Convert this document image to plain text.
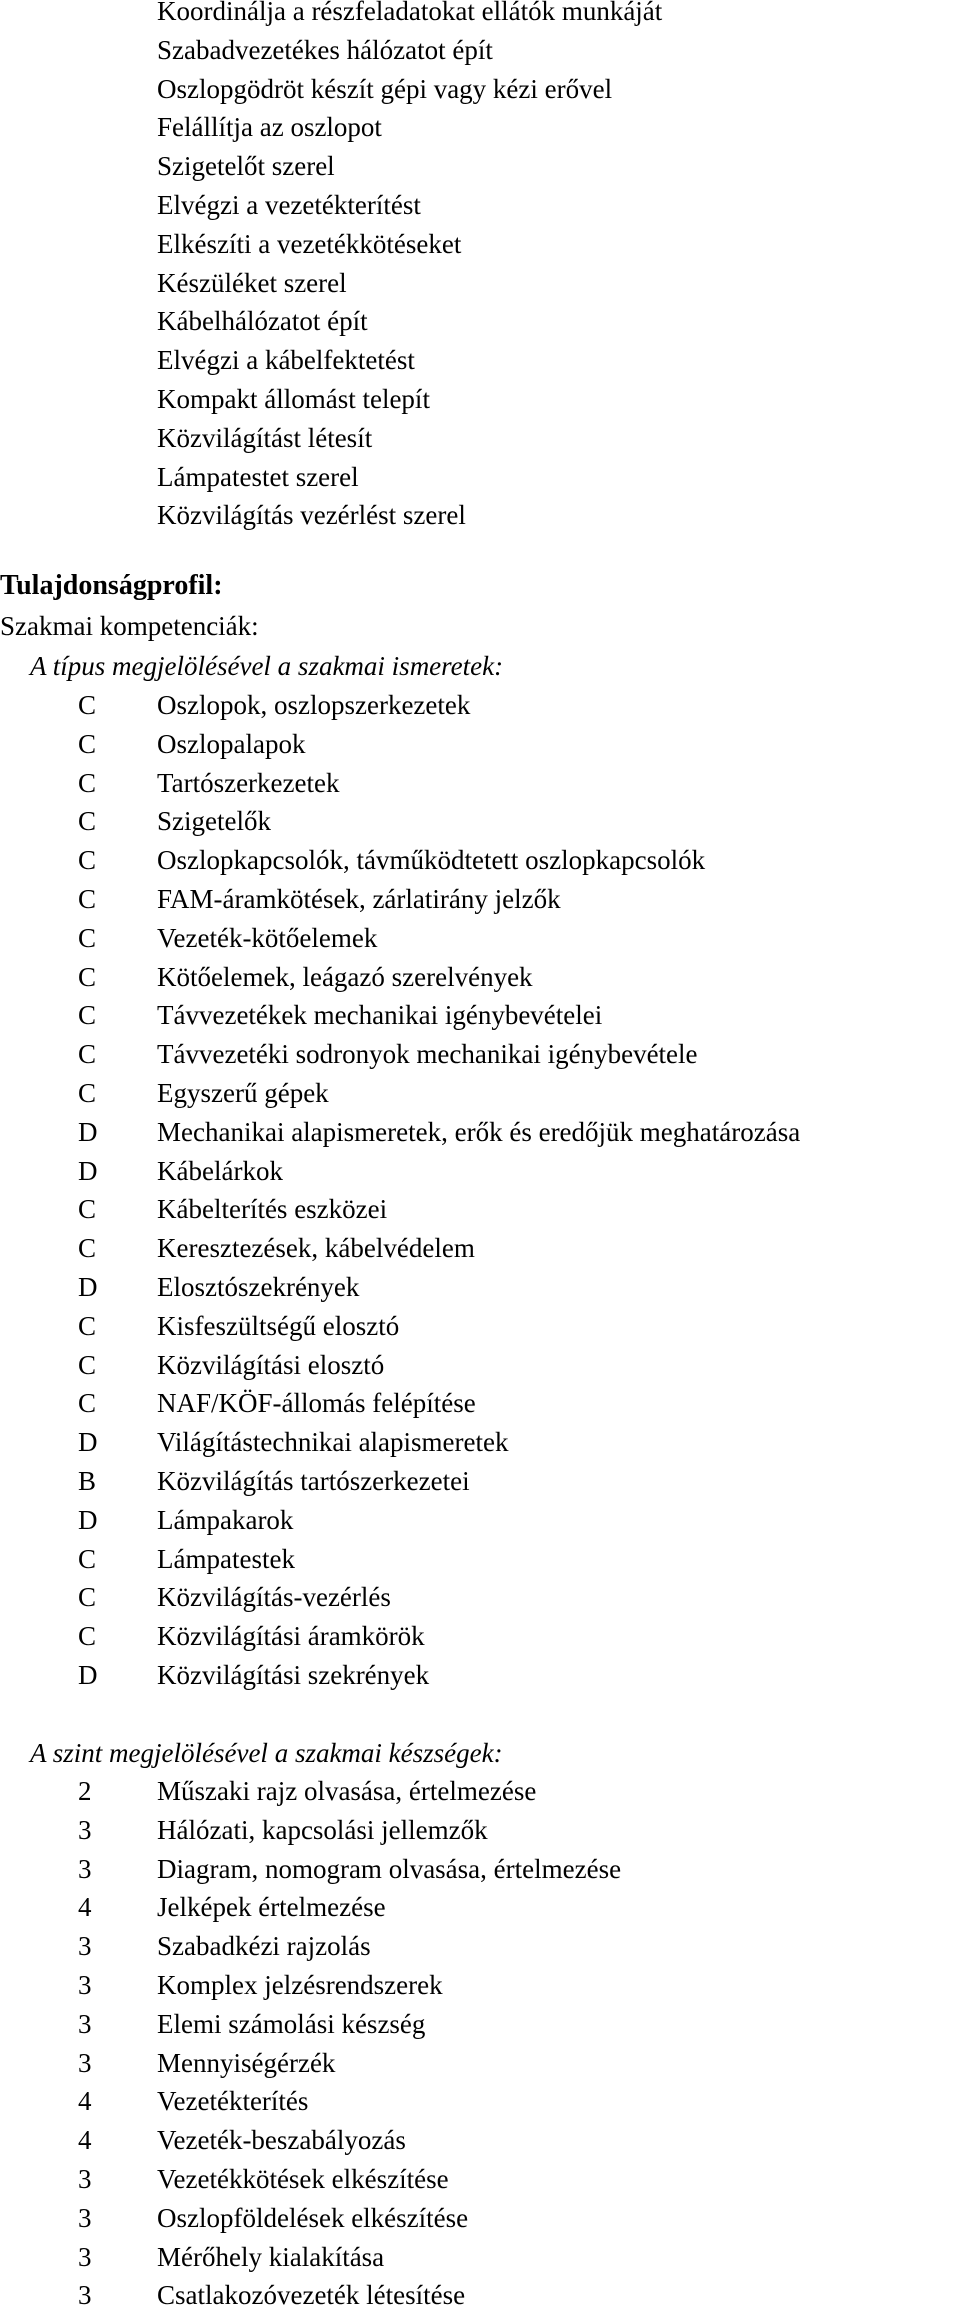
Koordinálja a részfeladatokat ellátók munkáját
Szabadvezetékes hálózatot épít
Oszlopgödröt készít gépi vagy kézi erővel
Felállítja az oszlopot
Szigetelőt szerel
Elvégzi a vezetékterítést
Elkészíti a vezetékkötéseket
Készüléket szerel
Kábelhálózatot épít
Elvégzi a kábelfektetést
Kompakt állomást telepít
Közvilágítást létesít
Lámpatestet szerel
Közvilágítás vezérlést szerel
Tulajdonságprofil:
Szakmai kompetenciák:
A típus megjelölésével a szakmai ismeretek:
C	Oszlopok, oszlopszerkezetek
C	Oszlopalapok
C	Tartószerkezetek
C	Szigetelők
C	Oszlopkapcsolók, távműködtetett oszlopkapcsolók
C	FAM-áramkötések, zárlatirány jelzők
C	Vezeték-kötőelemek
C	Kötőelemek, leágazó szerelvények
C	Távvezetékek mechanikai igénybevételei
C	Távvezetéki sodronyok mechanikai igénybevétele
C	Egyszerű gépek
D	Mechanikai alapismeretek, erők és eredőjük meghatározása
D	Kábelárkok
C	Kábelterítés eszközei
C	Keresztezések, kábelvédelem
D	Elosztószekrények
C	Kisfeszültségű elosztó
C	Közvilágítási elosztó
C	NAF/KÖF-állomás felépítése
D	Világítástechnikai alapismeretek
B	Közvilágítás tartószerkezetei
D	Lámpakarok
C	Lámpatestek
C	Közvilágítás-vezérlés
C	Közvilágítási áramkörök
D	Közvilágítási szekrények
A szint megjelölésével a szakmai készségek:
2	Műszaki rajz olvasása, értelmezése
3	Hálózati, kapcsolási jellemzők
3	Diagram, nomogram olvasása, értelmezése
4	Jelképek értelmezése
3	Szabadkézi rajzolás
3	Komplex jelzésrendszerek
3	Elemi számolási készség
3	Mennyiségérzék
4	Vezetékterítés
4	Vezeték-beszabályozás
3	Vezetékkötések elkészítése
3	Oszlopföldelések elkészítése
3	Mérőhely kialakítása
3	Csatlakozóvezeték létesítése
